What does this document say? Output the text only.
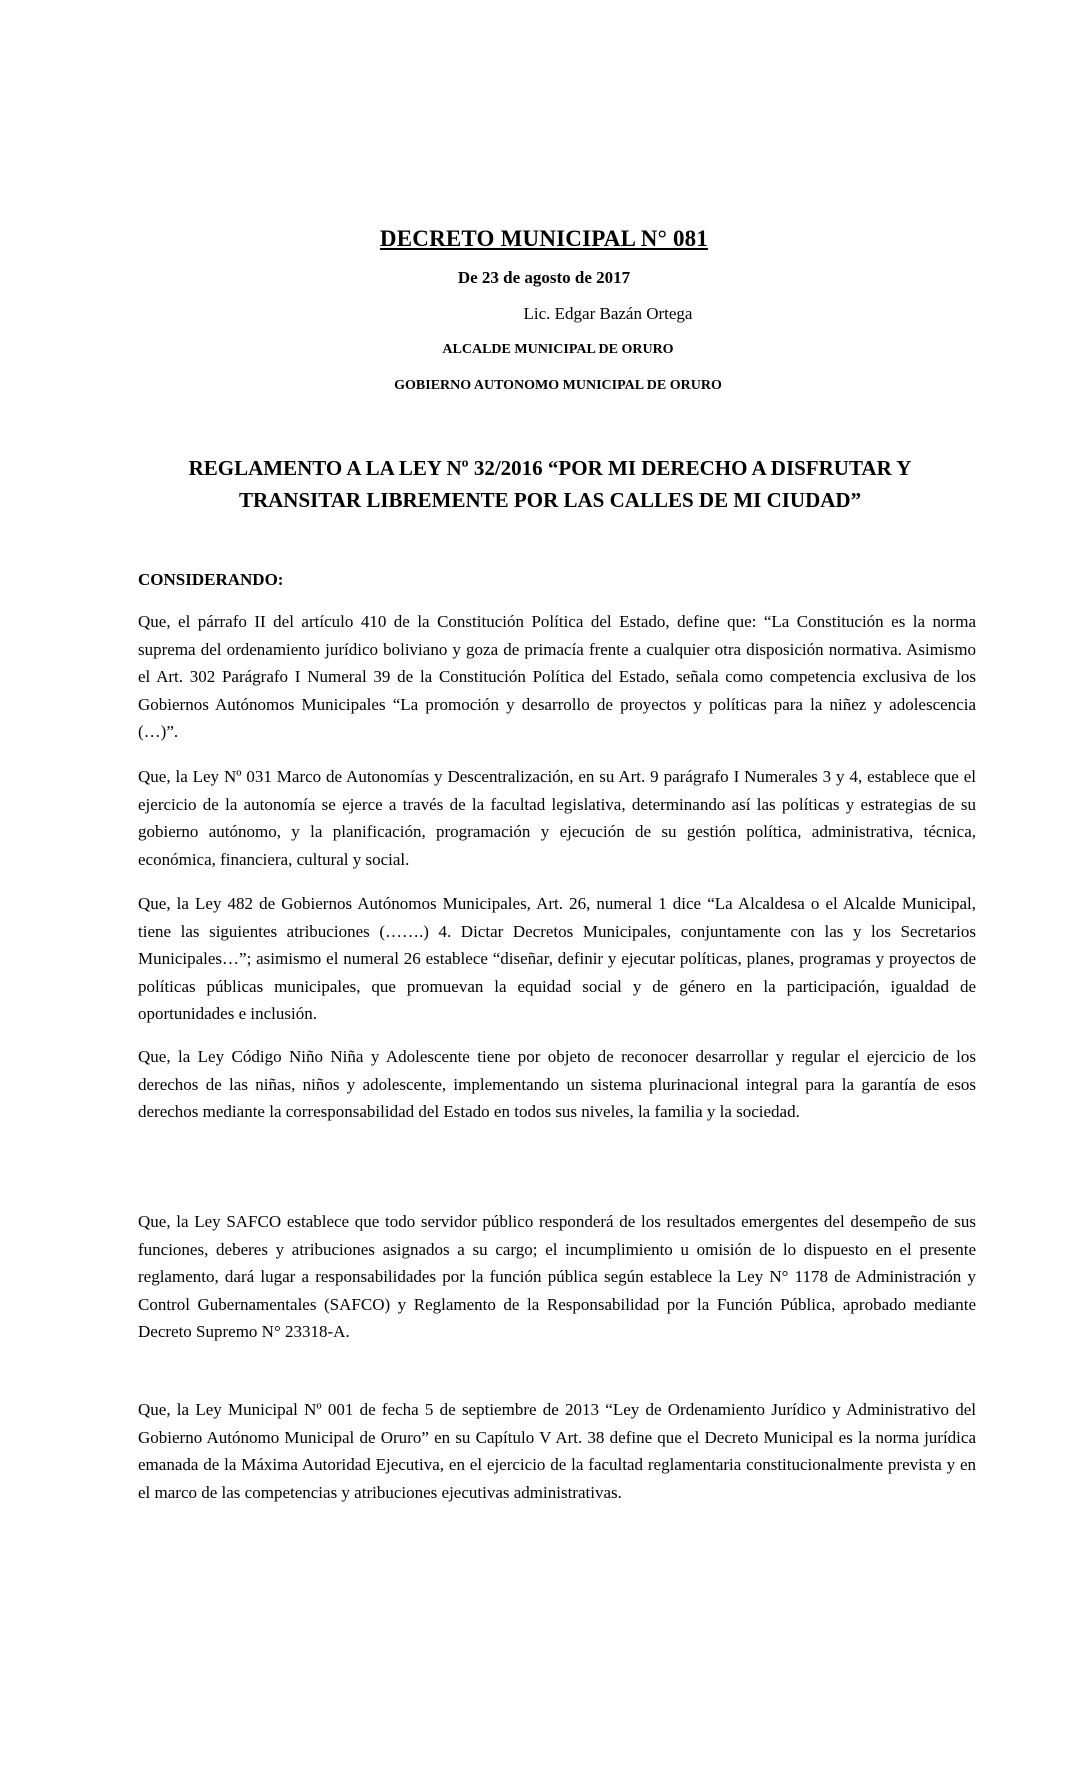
DECRETO MUNICIPAL N° 081

De 23 de agosto de 2017

Lic. Edgar Bazán Ortega

ALCALDE MUNICIPAL DE ORURO

GOBIERNO AUTONOMO MUNICIPAL DE ORURO

REGLAMENTO A LA LEY Nº 32/2016 “POR MI DERECHO A DISFRUTAR Y TRANSITAR LIBREMENTE POR LAS CALLES DE MI CIUDAD”

CONSIDERANDO:

Que, el párrafo II del artículo 410 de la Constitución Política del Estado, define que: “La Constitución es la norma suprema del ordenamiento jurídico boliviano y goza de primacía frente a cualquier otra disposición normativa. Asimismo el Art. 302 Parágrafo I Numeral 39 de la Constitución Política del Estado, señala como competencia exclusiva de los Gobiernos Autónomos Municipales “La promoción y desarrollo de proyectos y políticas para la niñez y adolescencia (…)”.

Que, la Ley Nº 031 Marco de Autonomías y Descentralización, en su Art. 9 parágrafo I Numerales 3 y 4, establece que el ejercicio de la autonomía se ejerce a través de la facultad legislativa, determinando así las políticas y estrategias de su gobierno autónomo, y la planificación, programación y ejecución de su gestión política, administrativa, técnica, económica, financiera, cultural y social.

Que, la Ley 482 de Gobiernos Autónomos Municipales, Art. 26, numeral 1 dice “La Alcaldesa o el Alcalde Municipal, tiene las siguientes atribuciones (…….) 4. Dictar Decretos Municipales, conjuntamente con las y los Secretarios Municipales…”; asimismo el numeral 26 establece “diseñar, definir y ejecutar políticas, planes, programas y proyectos de políticas públicas municipales, que promuevan la equidad social y de género en la participación, igualdad de oportunidades e inclusión.

Que, la Ley Código Niño Niña y Adolescente tiene por objeto de reconocer desarrollar y regular el ejercicio de los derechos de las niñas, niños y adolescente, implementando un sistema plurinacional integral para la garantía de esos derechos mediante la corresponsabilidad del Estado en todos sus niveles, la familia y la sociedad.

Que, la Ley SAFCO establece que todo servidor público responderá de los resultados emergentes del desempeño de sus funciones, deberes y atribuciones asignados a su cargo; el incumplimiento u omisión de lo dispuesto en el presente reglamento, dará lugar a responsabilidades por la función pública según establece la Ley N° 1178 de Administración y Control Gubernamentales (SAFCO) y Reglamento de la Responsabilidad por la Función Pública, aprobado mediante Decreto Supremo N° 23318-A.

Que, la Ley Municipal Nº 001 de fecha 5 de septiembre de 2013 “Ley de Ordenamiento Jurídico y Administrativo del Gobierno Autónomo Municipal de Oruro” en su Capítulo V Art. 38 define que el Decreto Municipal es la norma jurídica emanada de la Máxima Autoridad Ejecutiva, en el ejercicio de la facultad reglamentaria constitucionalmente prevista y en el marco de las competencias y atribuciones ejecutivas administrativas.
